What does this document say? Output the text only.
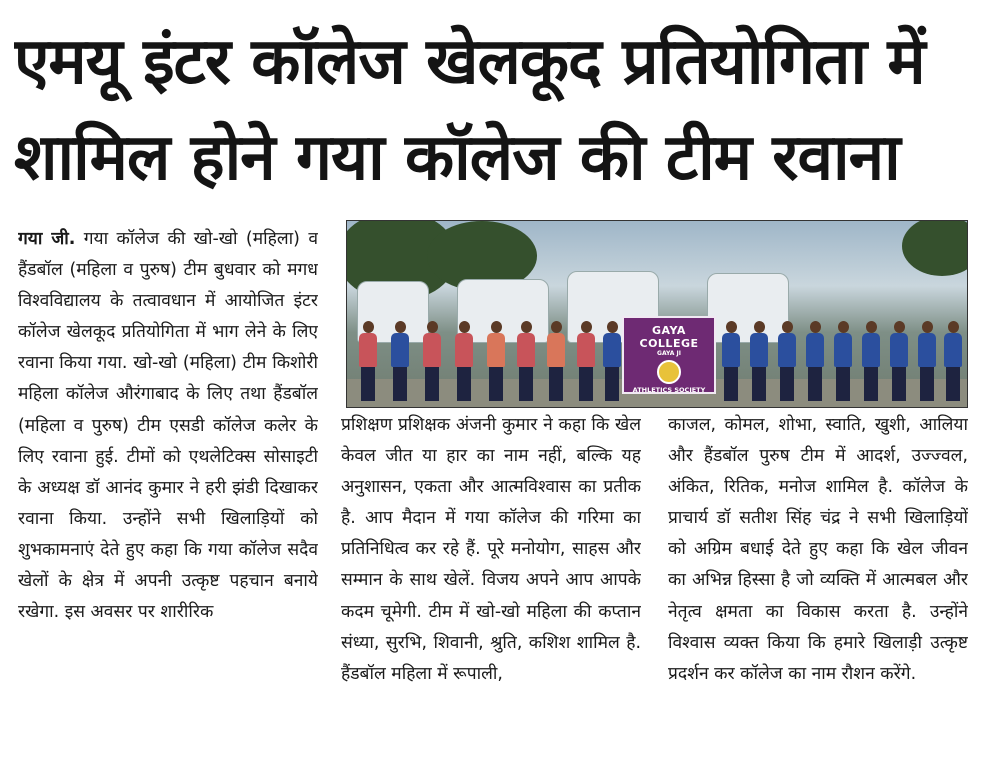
एमयू इंटर कॉलेज खेलकूद प्रतियोगिता में
शामिल होने गया कॉलेज की टीम रवाना
GAYA COLLEGE
GAYA JI
ATHLETICS SOCIETY

गया जी. गया कॉलेज की खो-खो (महिला) व हैंडबॉल (महिला व पुरुष) टीम बुधवार को मगध विश्वविद्यालय के तत्वावधान में आयोजित इंटर कॉलेज खेलकूद प्रतियोगिता में भाग लेने के लिए रवाना किया गया. खो-खो (महिला) टीम किशोरी महिला कॉलेज औरंगाबाद के लिए तथा हैंडबॉल (महिला व पुरुष) टीम एसडी कॉलेज कलेर के लिए रवाना हुई. टीमों को एथलेटिक्स सोसाइटी के अध्यक्ष डॉ आनंद कुमार ने हरी झंडी दिखाकर रवाना किया. उन्होंने सभी खिलाड़ियों को शुभकामनाएं देते हुए कहा कि गया कॉलेज सदैव खेलों के क्षेत्र में अपनी उत्कृष्ट पहचान बनाये रखेगा. इस अवसर पर शारीरिक

प्रशिक्षण प्रशिक्षक अंजनी कुमार ने कहा कि खेल केवल जीत या हार का नाम नहीं, बल्कि यह अनुशासन, एकता और आत्मविश्वास का प्रतीक है. आप मैदान में गया कॉलेज की गरिमा का प्रतिनिधित्व कर रहे हैं. पूरे मनोयोग, साहस और सम्मान के साथ खेलें. विजय अपने आप आपके कदम चूमेगी. टीम में खो-खो महिला की कप्तान संध्या, सुरभि, शिवानी, श्रुति, कशिश शामिल है. हैंडबॉल महिला में रूपाली,

काजल, कोमल, शोभा, स्वाति, खुशी, आलिया और हैंडबॉल पुरुष टीम में आदर्श, उज्ज्वल, अंकित, रितिक, मनोज शामिल है. कॉलेज के प्राचार्य डॉ सतीश सिंह चंद्र ने सभी खिलाड़ियों को अग्रिम बधाई देते हुए कहा कि खेल जीवन का अभिन्न हिस्सा है जो व्यक्ति में आत्मबल और नेतृत्व क्षमता का विकास करता है. उन्होंने विश्वास व्यक्त किया कि हमारे खिलाड़ी उत्कृष्ट प्रदर्शन कर कॉलेज का नाम रौशन करेंगे.
